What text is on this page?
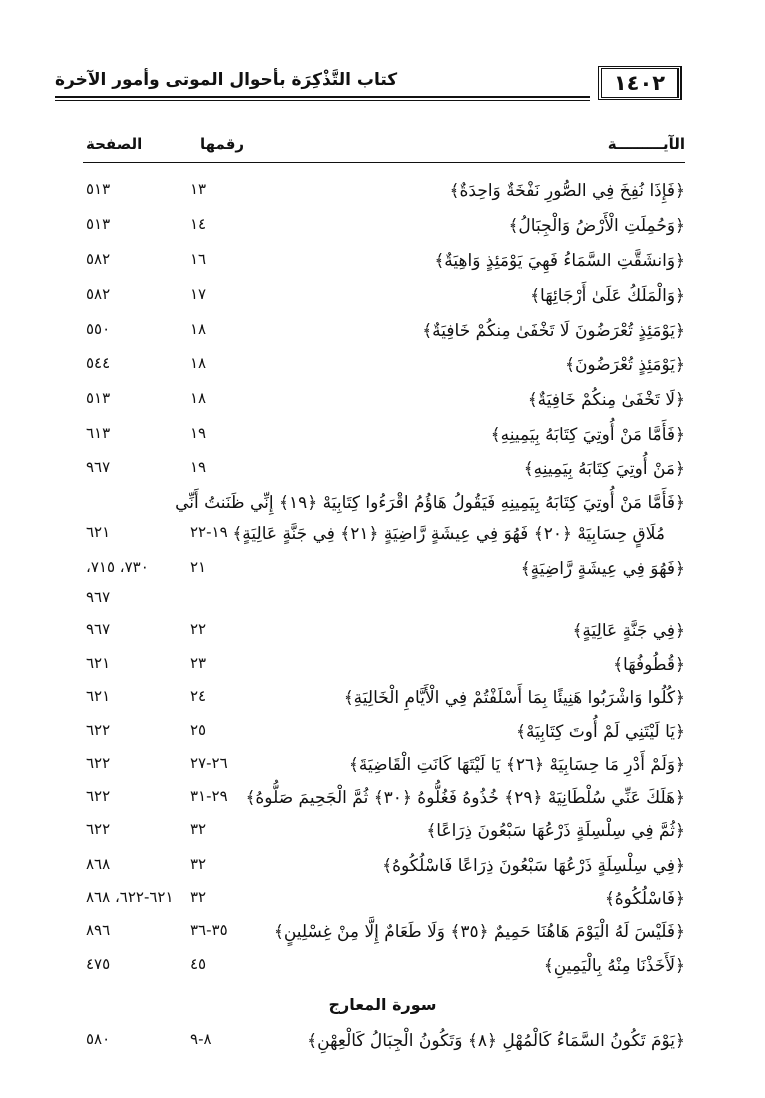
كتاب التَّذْكِرَة بأحوال الموتى وأمور الآخرة	١٤٠٢
الآيـــــــــة
رقمها
الصفحة
﴿فَإِذَا نُفِخَ فِي الصُّورِ نَفْخَةٌ وَاحِدَةٌ﴾
١٣
٥١٣
﴿وَحُمِلَتِ الْأَرْضُ وَالْجِبَالُ﴾
١٤
٥١٣
﴿وَانشَقَّتِ السَّمَاءُ فَهِيَ يَوْمَئِذٍ وَاهِيَةٌ﴾
١٦
٥٨٢
﴿وَالْمَلَكُ عَلَىٰ أَرْجَائِهَا﴾
١٧
٥٨٢
﴿يَوْمَئِذٍ تُعْرَضُونَ لَا تَخْفَىٰ مِنكُمْ خَافِيَةٌ﴾
١٨
٥٥٠
﴿يَوْمَئِذٍ تُعْرَضُونَ﴾
١٨
٥٤٤
﴿لَا تَخْفَىٰ مِنكُمْ خَافِيَةٌ﴾
١٨
٥١٣
﴿فَأَمَّا مَنْ أُوتِيَ كِتَابَهُ بِيَمِينِهِ﴾
١٩
٦١٣
﴿مَنْ أُوتِيَ كِتَابَهُ بِيَمِينِهِ﴾
١٩
٩٦٧
﴿فَأَمَّا مَنْ أُوتِيَ كِتَابَهُ بِيَمِينِهِ فَيَقُولُ هَاؤُمُ اقْرَءُوا كِتَابِيَهْ ﴿١٩﴾ إِنِّي ظَنَنتُ أَنِّي
مُلَاقٍ حِسَابِيَهْ ﴿٢٠﴾ فَهُوَ فِي عِيشَةٍ رَّاضِيَةٍ ﴿٢١﴾ فِي جَنَّةٍ عَالِيَةٍ﴾
١٩-٢٢
٦٢١
﴿فَهُوَ فِي عِيشَةٍ رَّاضِيَةٍ﴾
٢١
٧٣٠، ٧١٥،
٩٦٧
﴿فِي جَنَّةٍ عَالِيَةٍ﴾
٢٢
٩٦٧
﴿قُطُوفُهَا﴾
٢٣
٦٢١
﴿كُلُوا وَاشْرَبُوا هَنِيئًا بِمَا أَسْلَفْتُمْ فِي الْأَيَّامِ الْخَالِيَةِ﴾
٢٤
٦٢١
﴿يَا لَيْتَنِي لَمْ أُوتَ كِتَابِيَهْ﴾
٢٥
٦٢٢
﴿وَلَمْ أَدْرِ مَا حِسَابِيَهْ ﴿٢٦﴾ يَا لَيْتَهَا كَانَتِ الْقَاضِيَةَ﴾
٢٦-٢٧
٦٢٢
﴿هَلَكَ عَنِّي سُلْطَانِيَهْ ﴿٢٩﴾ خُذُوهُ فَغُلُّوهُ ﴿٣٠﴾ ثُمَّ الْجَحِيمَ صَلُّوهُ﴾
٢٩-٣١
٦٢٢
﴿ثُمَّ فِي سِلْسِلَةٍ ذَرْعُهَا سَبْعُونَ ذِرَاعًا﴾
٣٢
٦٢٢
﴿فِي سِلْسِلَةٍ ذَرْعُهَا سَبْعُونَ ذِرَاعًا فَاسْلُكُوهُ﴾
٣٢
٨٦٨
﴿فَاسْلُكُوهُ﴾
٣٢
٦٢١-٦٢٢، ٨٦٨
﴿فَلَيْسَ لَهُ الْيَوْمَ هَاهُنَا حَمِيمٌ ﴿٣٥﴾ وَلَا طَعَامٌ إِلَّا مِنْ غِسْلِينٍ﴾
٣٥-٣٦
٨٩٦
﴿لَأَخَذْنَا مِنْهُ بِالْيَمِينِ﴾
٤٥
٤٧٥
سورة المعارج
﴿يَوْمَ تَكُونُ السَّمَاءُ كَالْمُهْلِ ﴿٨﴾ وَتَكُونُ الْجِبَالُ كَالْعِهْنِ﴾
٨-٩
٥٨٠
